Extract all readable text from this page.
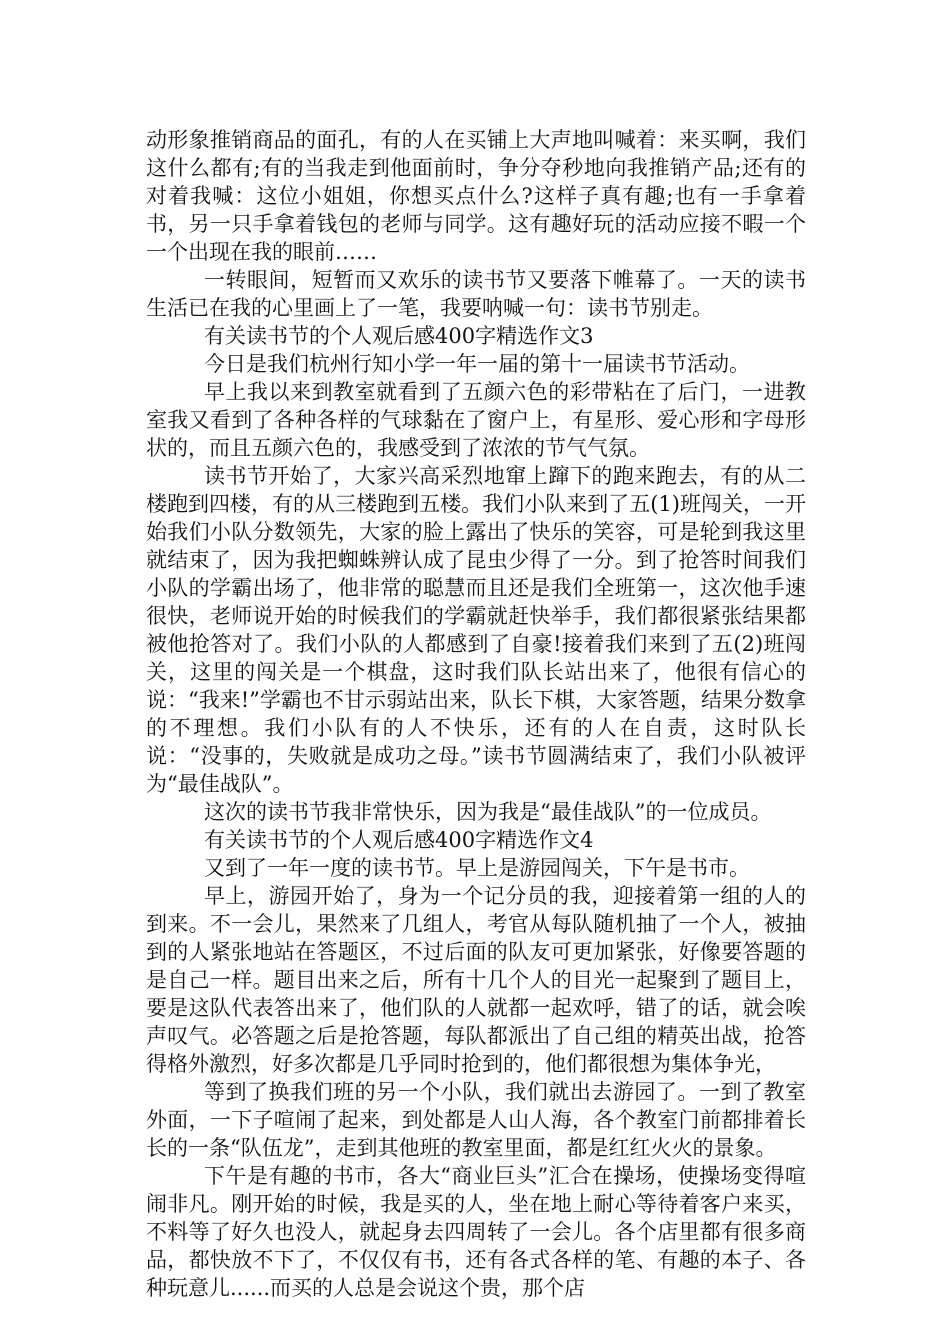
动形象推销商品的面孔，有的人在买铺上大声地叫喊着：来买啊，我们这什么都有;有的当我走到他面前时，争分夺秒地向我推销产品;还有的对着我喊：这位小姐姐，你想买点什么?这样子真有趣;也有一手拿着书，另一只手拿着钱包的老师与同学。这有趣好玩的活动应接不暇一个一个出现在我的眼前……

一转眼间，短暂而又欢乐的读书节又要落下帷幕了。一天的读书生活已在我的心里画上了一笔，我要呐喊一句：读书节别走。

有关读书节的个人观后感400字精选作文3

今日是我们杭州行知小学一年一届的第十一届读书节活动。

早上我以来到教室就看到了五颜六色的彩带粘在了后门，一进教室我又看到了各种各样的气球黏在了窗户上，有星形、爱心形和字母形状的，而且五颜六色的，我感受到了浓浓的节气气氛。

读书节开始了，大家兴高采烈地窜上蹿下的跑来跑去，有的从二楼跑到四楼，有的从三楼跑到五楼。我们小队来到了五(1)班闯关，一开始我们小队分数领先，大家的脸上露出了快乐的笑容，可是轮到我这里就结束了，因为我把蜘蛛辨认成了昆虫少得了一分。到了抢答时间我们小队的学霸出场了，他非常的聪慧而且还是我们全班第一，这次他手速很快，老师说开始的时候我们的学霸就赶快举手，我们都很紧张结果都被他抢答对了。我们小队的人都感到了自豪!接着我们来到了五(2)班闯关，这里的闯关是一个棋盘，这时我们队长站出来了，他很有信心的说：“我来!”学霸也不甘示弱站出来，队长下棋，大家答题，结果分数拿的不理想。我们小队有的人不快乐，还有的人在自责，这时队长说：“没事的，失败就是成功之母。”读书节圆满结束了，我们小队被评为“最佳战队”。

这次的读书节我非常快乐，因为我是“最佳战队”的一位成员。

有关读书节的个人观后感400字精选作文4

又到了一年一度的读书节。早上是游园闯关，下午是书市。

早上，游园开始了，身为一个记分员的我，迎接着第一组的人的到来。不一会儿，果然来了几组人，考官从每队随机抽了一个人，被抽到的人紧张地站在答题区，不过后面的队友可更加紧张，好像要答题的是自己一样。题目出来之后，所有十几个人的目光一起聚到了题目上，要是这队代表答出来了，他们队的人就都一起欢呼，错了的话，就会唉声叹气。必答题之后是抢答题，每队都派出了自己组的精英出战，抢答得格外激烈，好多次都是几乎同时抢到的，他们都很想为集体争光，

等到了换我们班的另一个小队，我们就出去游园了。一到了教室外面，一下子喧闹了起来，到处都是人山人海，各个教室门前都排着长长的一条“队伍龙”，走到其他班的教室里面，都是红红火火的景象。

下午是有趣的书市，各大“商业巨头”汇合在操场，使操场变得喧闹非凡。刚开始的时候，我是买的人，坐在地上耐心等待着客户来买，不料等了好久也没人，就起身去四周转了一会儿。各个店里都有很多商品，都快放不下了，不仅仅有书，还有各式各样的笔、有趣的本子、各种玩意儿......而买的人总是会说这个贵，那个店
